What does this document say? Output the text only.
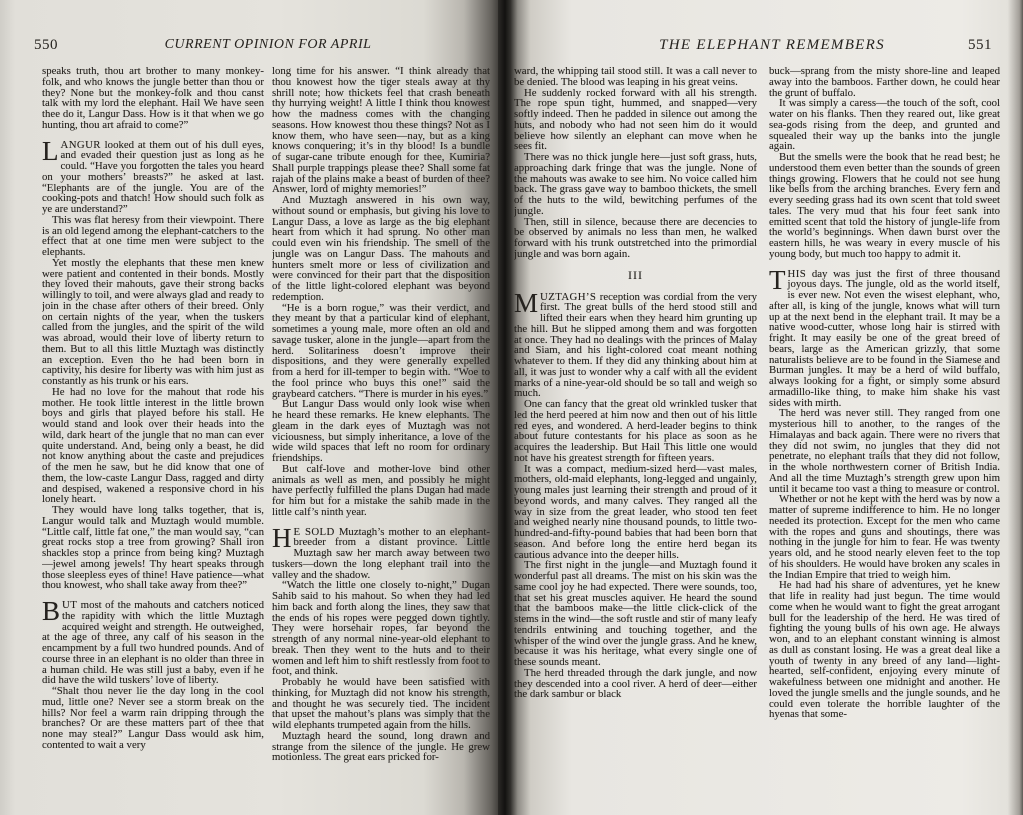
550	CURRENT OPINION FOR APRIL

speaks truth, thou art brother to many monkey-folk, and who knows the jungle better than thou or they? None but the monkey-folk and thou canst talk with my lord the elephant. Hail We have seen thee do it, Langur Dass. How is it that when we go hunting, thou art afraid to come?”

LANGUR looked at them out of his dull eyes, and evaded their question just as long as he could. “Have you forgotten the tales you heard on your mothers’ breasts?” he asked at last. “Elephants are of the jungle. You are of the cooking-pots and thatch! How should such folk as ye are understand?”

This was flat heresy from their viewpoint. There is an old legend among the elephant-catchers to the effect that at one time men were subject to the elephants.

Yet mostly the elephants that these men knew were patient and contented in their bonds. Mostly they loved their mahouts, gave their strong backs willingly to toil, and were always glad and ready to join in the chase after others of their breed. Only on certain nights of the year, when the tuskers called from the jungles, and the spirit of the wild was abroad, would their love of liberty return to them. But to all this little Muztagh was distinctly an exception. Even tho he had been born in captivity, his desire for liberty was with him just as constantly as his trunk or his ears.

He had no love for the mahout that rode his mother. He took little interest in the little brown boys and girls that played before his stall. He would stand and look over their heads into the wild, dark heart of the jungle that no man can ever quite understand. And, being only a beast, he did not know anything about the caste and prejudices of the men he saw, but he did know that one of them, the low-caste Langur Dass, ragged and dirty and despised, wakened a responsive chord in his lonely heart.

They would have long talks together, that is, Langur would talk and Muztagh would mumble. “Little calf, little fat one,” the man would say, “can great rocks stop a tree from growing? Shall iron shackles stop a prince from being king? Muztagh—jewel among jewels! Thy heart speaks through those sleepless eyes of thine! Have patience—what thou knowest, who shall take away from thee?”

BUT most of the mahouts and catchers noticed the rapidity with which the little Muztagh acquired weight and strength. He outweighed, at the age of three, any calf of his season in the encampment by a full two hundred pounds. And of course three in an elephant is no older than three in a human child. He was still just a baby, even if he did have the wild tuskers’ love of liberty.

“Shalt thou never lie the day long in the cool mud, little one? Never see a storm break on the hills? Nor feel a warm rain dripping through the branches? Or are these matters part of thee that none may steal?” Langur Dass would ask him, contented to wait a very

long time for his answer. “I think already that thou knowest how the tiger steals away at thy shrill note; how thickets feel that crash beneath thy hurrying weight! A little I think thou knowest how the madness comes with the changing seasons. How knowest thou these things? Not as I know them, who have seen—nay, but as a king knows conquering; it’s in thy blood! Is a bundle of sugar-cane tribute enough for thee, Kumiria? Shall purple trappings please thee? Shall some fat rajah of the plains make a beast of burden of thee? Answer, lord of mighty memories!”

And Muztagh answered in his own way, without sound or emphasis, but giving his love to Langur Dass, a love as large as the big elephant heart from which it had sprung. No other man could even win his friendship. The smell of the jungle was on Langur Dass. The mahouts and hunters smelt more or less of civilization and were convinced for their part that the disposition of the little light-colored elephant was beyond redemption.

“He is a born rogue,” was their verdict, and they meant by that a particular kind of elephant, sometimes a young male, more often an old and savage tusker, alone in the jungle—apart from the herd. Solitariness doesn’t improve their dispositions, and they were generally expelled from a herd for ill-temper to begin with. “Woe to the fool prince who buys this one!” said the graybeard catchers. “There is murder in his eyes.”

But Langur Dass would only look wise when he heard these remarks. He knew elephants. The gleam in the dark eyes of Muztagh was not viciousness, but simply inheritance, a love of the wide wild spaces that left no room for ordinary friendships.

But calf-love and mother-love bind other animals as well as men, and possibly he might have perfectly fulfilled the plans Dugan had made for him but for a mistake the sahib made in the little calf’s ninth year.

H E SOLD Muztagh’s mother to an elephant-breeder from a distant province. Little Muztagh saw her march away between two tuskers—down the long elephant trail into the valley and the shadow.

“Watch the little one closely to-night,” Dugan Sahib said to his mahout. So when they had led him back and forth along the lines, they saw that the ends of his ropes were pegged down tightly. They were horsehair ropes, far beyond the strength of any normal nine-year-old elephant to break. Then they went to the huts and to their women and left him to shift restlessly from foot to foot, and think.

Probably he would have been satisfied with thinking, for Muztagh did not know his strength, and thought he was securely tied. The incident that upset the mahout’s plans was simply that the wild elephants trumpeted again from the hills.

Muztagh heard the sound, long drawn and strange from the silence of the jungle. He grew motionless. The great ears pricked for-

THE ELEPHANT REMEMBERS	551

ward, the whipping tail stood still. It was a call never to be denied. The blood was leaping in his great veins.

He suddenly rocked forward with all his strength. The rope spun tight, hummed, and snapped—very softly indeed. Then he padded in silence out among the huts, and nobody who had not seen him do it would believe how silently an elephant can move when he sees fit.

There was no thick jungle here—just soft grass, huts, approaching dark fringe that was the jungle. None of the mahouts was awake to see him. No voice called him back. The grass gave way to bamboo thickets, the smell of the huts to the wild, bewitching perfumes of the jungle.

Then, still in silence, because there are decencies to be observed by animals no less than men, he walked forward with his trunk outstretched into the primordial jungle and was born again.

III

MUZTAGH’S reception was cordial from the very first. The great bulls of the herd stood still and lifted their ears when they heard him grunting up the hill. But he slipped among them and was forgotten at once. They had no dealings with the princes of Malay and Siam, and his light-colored coat meant nothing whatever to them. If they did any thinking about him at all, it was just to wonder why a calf with all the evident marks of a nine-year-old should be so tall and weigh so much.

One can fancy that the great old wrinkled tusker that led the herd peered at him now and then out of his little red eyes, and wondered. A herd-leader begins to think about future contestants for his place as soon as he acquires the leadership. But Hail This little one would not have his greatest strength for fifteen years.

It was a compact, medium-sized herd—vast males, mothers, old-maid elephants, long-legged and ungainly, young males just learning their strength and proud of it beyond words, and many calves. They ranged all the way in size from the great leader, who stood ten feet and weighed nearly nine thousand pounds, to little two-hundred-and-fifty-pound babies that had been born that season. And before long the entire herd began its cautious advance into the deeper hills.

The first night in the jungle—and Muztagh found it wonderful past all dreams. The mist on his skin was the same cool joy he had expected. There were sounds, too, that set his great muscles aquiver. He heard the sound that the bamboos make—the little click-click of the stems in the wind—the soft rustle and stir of many leafy tendrils entwining and touching together, and the whisper of the wind over the jungle grass. And he knew, because it was his heritage, what every single one of these sounds meant.

The herd threaded through the dark jungle, and now they descended into a cool river. A herd of deer—either the dark sambur or black

buck—sprang from the misty shore-line and leaped away into the bamboos. Farther down, he could hear the grunt of buffalo.

It was simply a caress—the touch of the soft, cool water on his flanks. Then they reared out, like great sea-gods rising from the deep, and grunted and squealed their way up the banks into the jungle again.

But the smells were the book that he read best; he understood them even better than the sounds of green things growing. Flowers that he could not see hung like bells from the arching branches. Every fern and every seeding grass had its own scent that told sweet tales. The very mud that his four feet sank into emitted scent that told the history of jungle-life from the world’s beginnings. When dawn burst over the eastern hills, he was weary in every muscle of his young body, but much too happy to admit it.

THIS day was just the first of three thousand joyous days. The jungle, old as the world itself, is ever new. Not even the wisest elephant, who, after all, is king of the jungle, knows what will turn up at the next bend in the elephant trail. It may be a native wood-cutter, whose long hair is stirred with fright. It may easily be one of the great breed of bears, large as the American grizzly, that some naturalists believe are to be found in the Siamese and Burman jungles. It may be a herd of wild buffalo, always looking for a fight, or simply some absurd armadillo-like thing, to make him shake his vast sides with mirth.

The herd was never still. They ranged from one mysterious hill to another, to the ranges of the Himalayas and back again. There were no rivers that they did not swim, no jungles that they did not penetrate, no elephant trails that they did not follow, in the whole northwestern corner of British India. And all the time Muztagh’s strength grew upon him until it became too vast a thing to measure or control.

Whether or not he kept with the herd was by now a matter of supreme indifference to him. He no longer needed its protection. Except for the men who came with the ropes and guns and shoutings, there was nothing in the jungle for him to fear. He was twenty years old, and he stood nearly eleven feet to the top of his shoulders. He would have broken any scales in the Indian Empire that tried to weigh him.

He had had his share of adventures, yet he knew that life in reality had just begun. The time would come when he would want to fight the great arrogant bull for the leadership of the herd. He was tired of fighting the young bulls of his own age. He always won, and to an elephant constant winning is almost as dull as constant losing. He was a great deal like a youth of twenty in any breed of any land—light-hearted, self-confident, enjoying every minute of wakefulness between one midnight and another. He loved the jungle smells and the jungle sounds, and he could even tolerate the horrible laughter of the hyenas that some-
